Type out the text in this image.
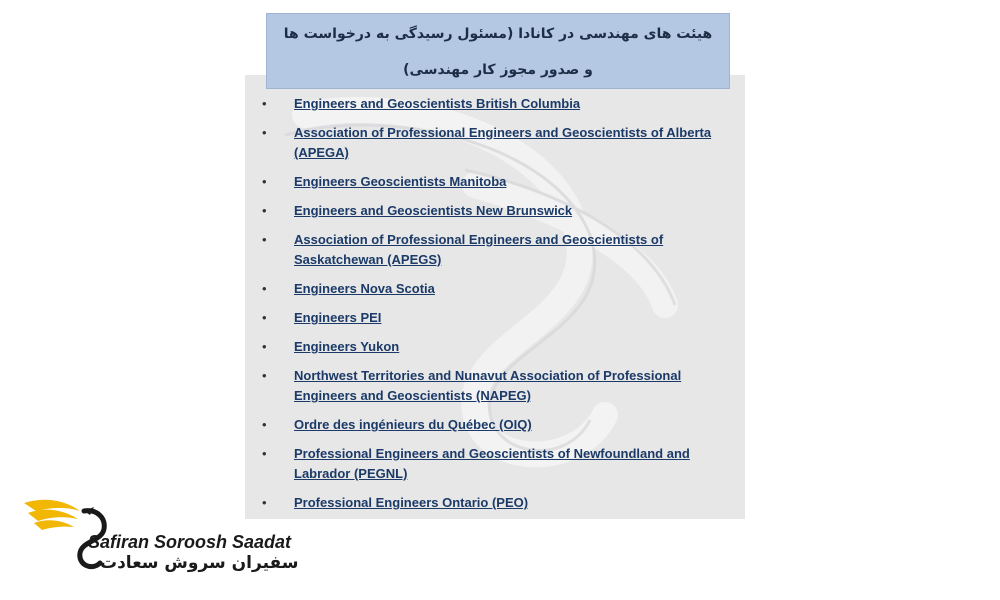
هیئت های مهندسی در کانادا (مسئول رسیدگی به درخواست ها و صدور مجوز کار مهندسی)
• Engineers and Geoscientists British Columbia
• Association of Professional Engineers and Geoscientists of Alberta (APEGA)
• Engineers Geoscientists Manitoba
• Engineers and Geoscientists New Brunswick
• Association of Professional Engineers and Geoscientists of Saskatchewan (APEGS)
• Engineers Nova Scotia
• Engineers PEI
• Engineers Yukon
• Northwest Territories and Nunavut Association of Professional Engineers and Geoscientists (NAPEG)
• Ordre des ingénieurs du Québec (OIQ)
• Professional Engineers and Geoscientists of Newfoundland and Labrador (PEGNL)
• Professional Engineers Ontario (PEO)
Safiran Soroosh Saadat
سفیران سروش سعادت
